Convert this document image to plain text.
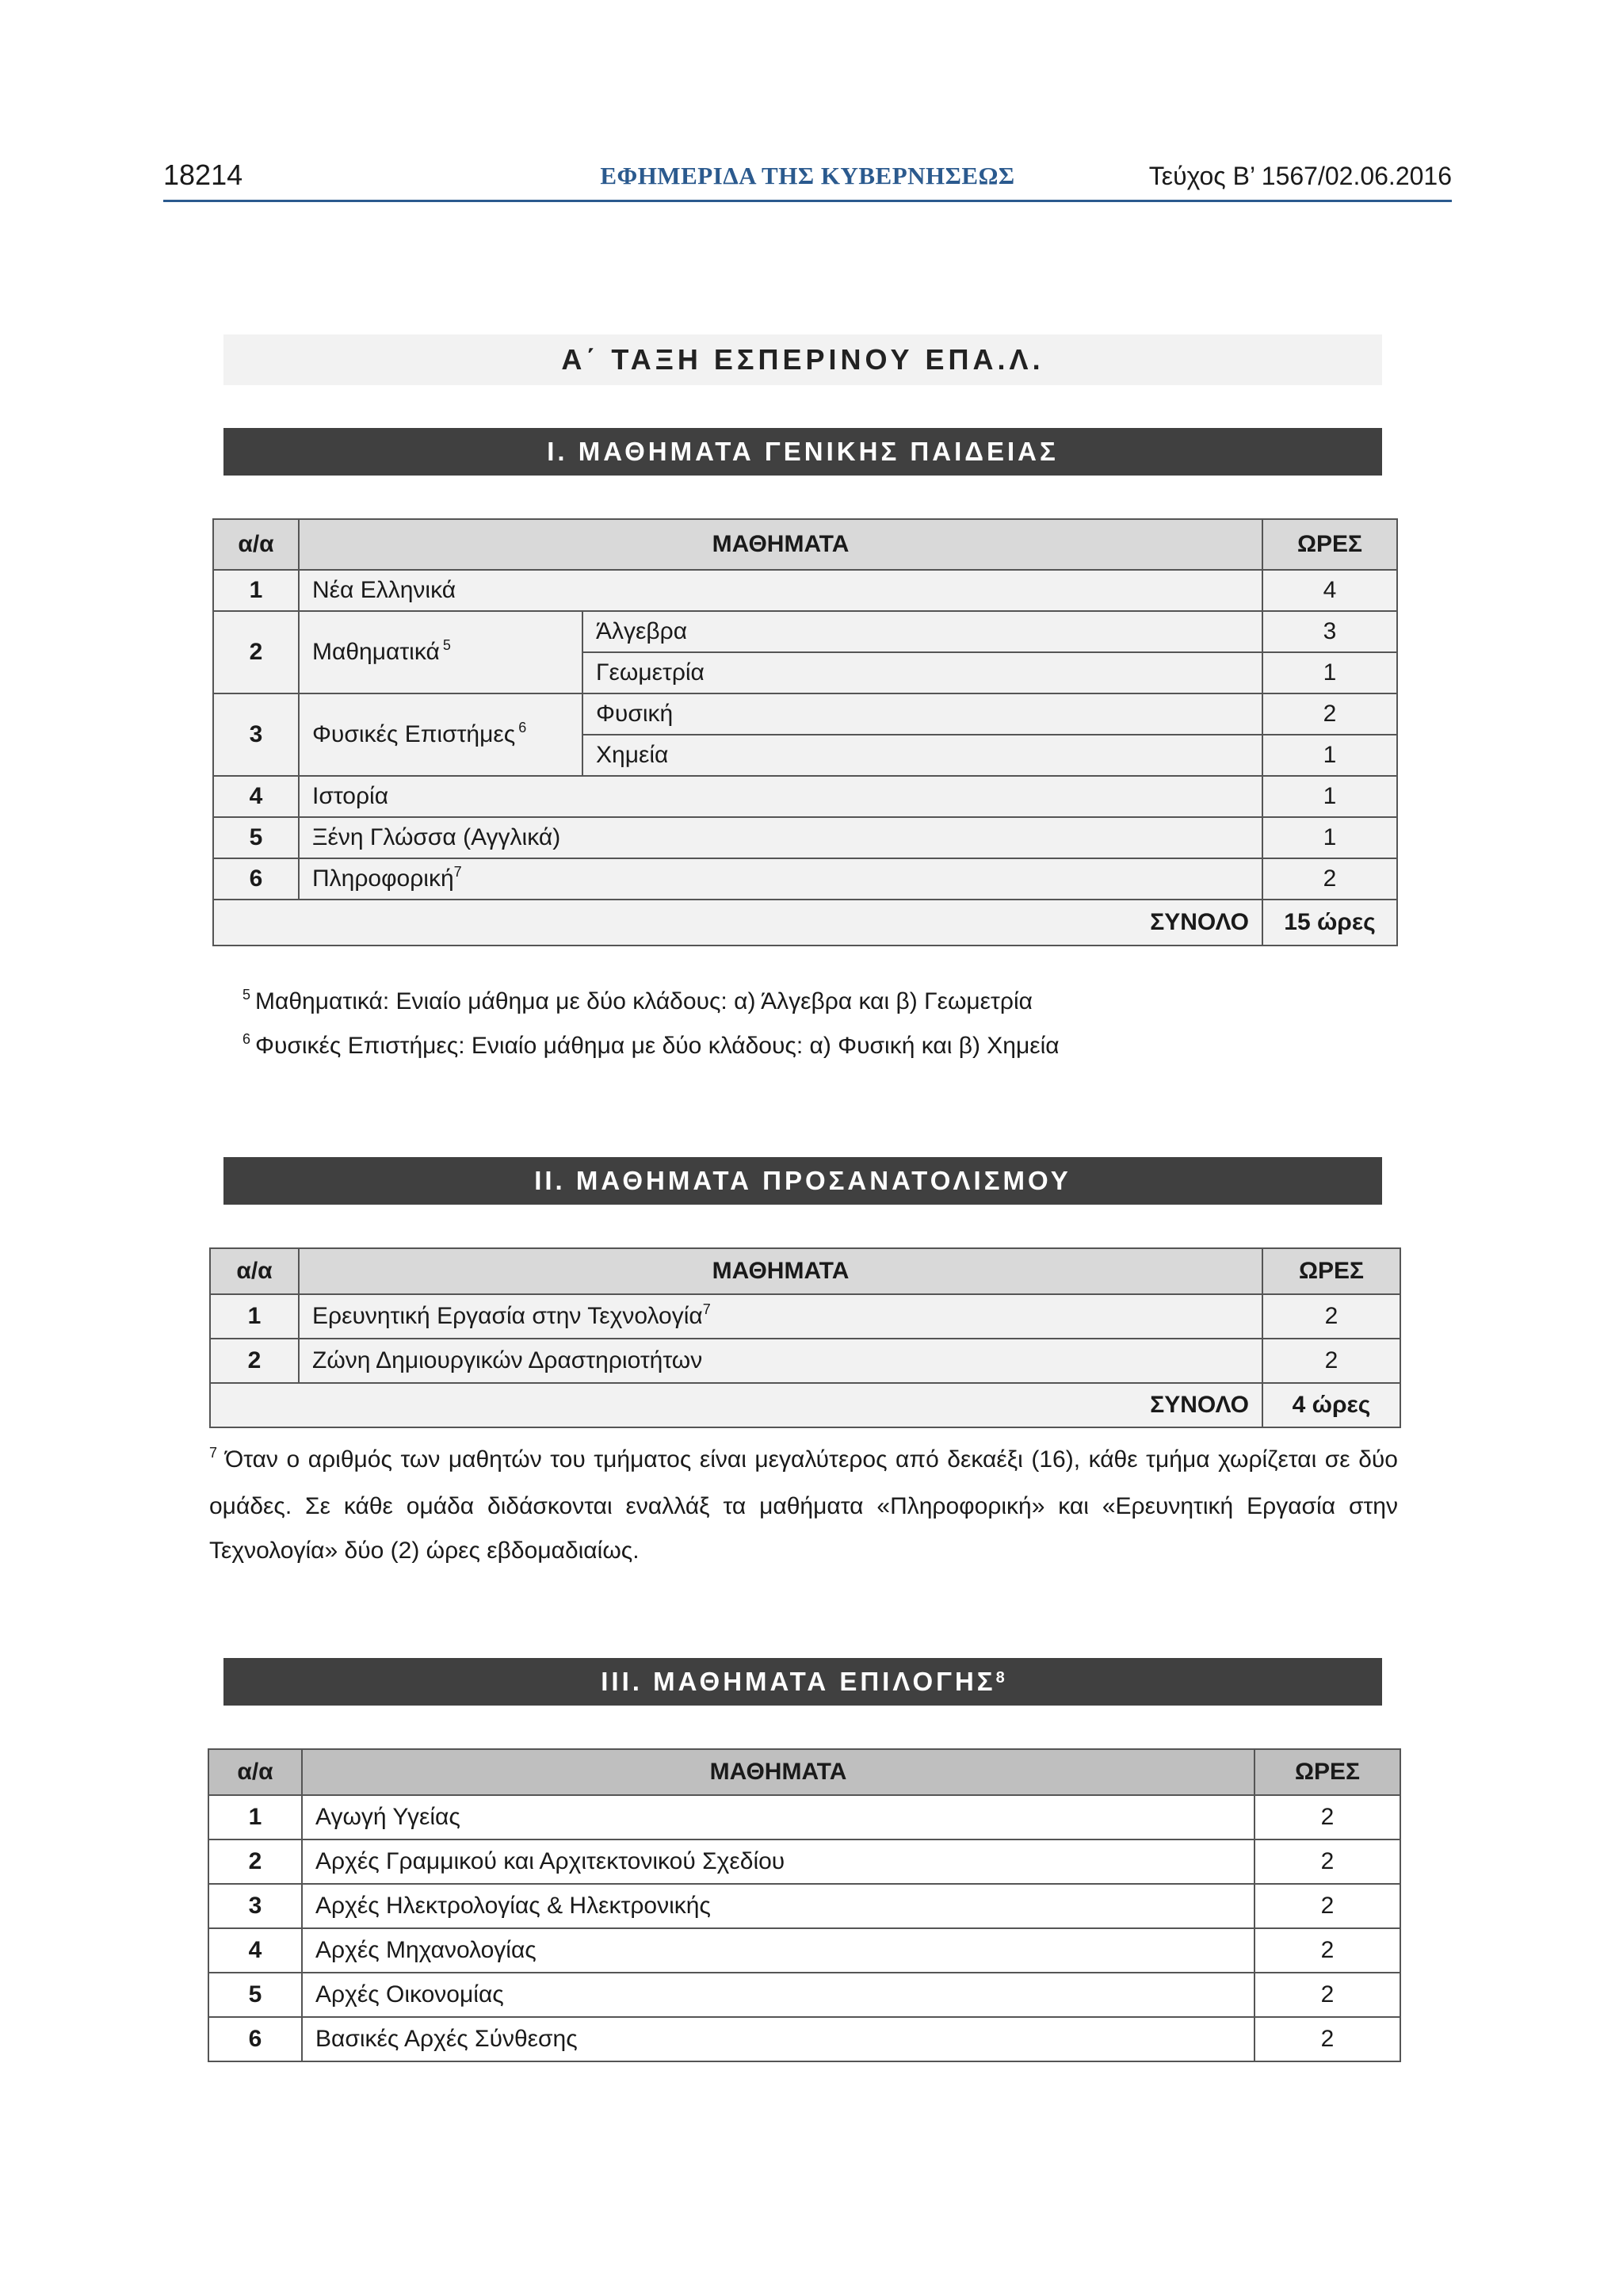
18214	ΕΦΗΜΕΡΙΔΑ ΤΗΣ ΚΥΒΕΡΝΗΣΕΩΣ	Τεύχος Β’ 1567/02.06.2016
Α΄ ΤΑΞΗ ΕΣΠΕΡΙΝΟΥ ΕΠΑ.Λ.
Ι. ΜΑΘΗΜΑΤΑ ΓΕΝΙΚΗΣ ΠΑΙΔΕΙΑΣ
α/α	ΜΑΘΗΜΑΤΑ		ΩΡΕΣ
1	Νέα Ελληνικά		4
2	Μαθηματικά $^5$	Άλγεβρα	3
		Γεωμετρία	1
3	Φυσικές Επιστήμες $^6$	Φυσική	2
		Χημεία	1
4	Ιστορία		1
5	Ξένη Γλώσσα (Αγγλικά)		1
6	Πληροφορική$^7$		2
ΣΥΝΟΛΟ			15 ώρες
$^5$ Μαθηματικά: Ενιαίο μάθημα με δύο κλάδους: α) Άλγεβρα και β) Γεωμετρία
$^6$ Φυσικές Επιστήμες: Ενιαίο μάθημα με δύο κλάδους: α) Φυσική και β) Χημεία
ΙΙ. ΜΑΘΗΜΑΤΑ ΠΡΟΣΑΝΑΤΟΛΙΣΜΟΥ
α/α	ΜΑΘΗΜΑΤΑ	ΩΡΕΣ
1	Ερευνητική Εργασία στην Τεχνολογία$^7$	2
2	Ζώνη Δημιουργικών Δραστηριοτήτων	2
ΣΥΝΟΛΟ		4 ώρες
$^7$ Όταν ο αριθμός των μαθητών του τμήματος είναι μεγαλύτερος από δεκαέξι (16), κάθε τμήμα χωρίζεται σε δύο ομάδες. Σε κάθε ομάδα διδάσκονται εναλλάξ τα μαθήματα «Πληροφορική» και «Ερευνητική Εργασία στην Τεχνολογία» δύο (2) ώρες εβδομαδιαίως.
ΙΙΙ. ΜΑΘΗΜΑΤΑ ΕΠΙΛΟΓΗΣ$^8$
α/α	ΜΑΘΗΜΑΤΑ	ΩΡΕΣ
1	Αγωγή Υγείας	2
2	Αρχές Γραμμικού και Αρχιτεκτονικού Σχεδίου	2
3	Αρχές Ηλεκτρολογίας & Ηλεκτρονικής	2
4	Αρχές Μηχανολογίας	2
5	Αρχές Οικονομίας	2
6	Βασικές Αρχές Σύνθεσης	2
